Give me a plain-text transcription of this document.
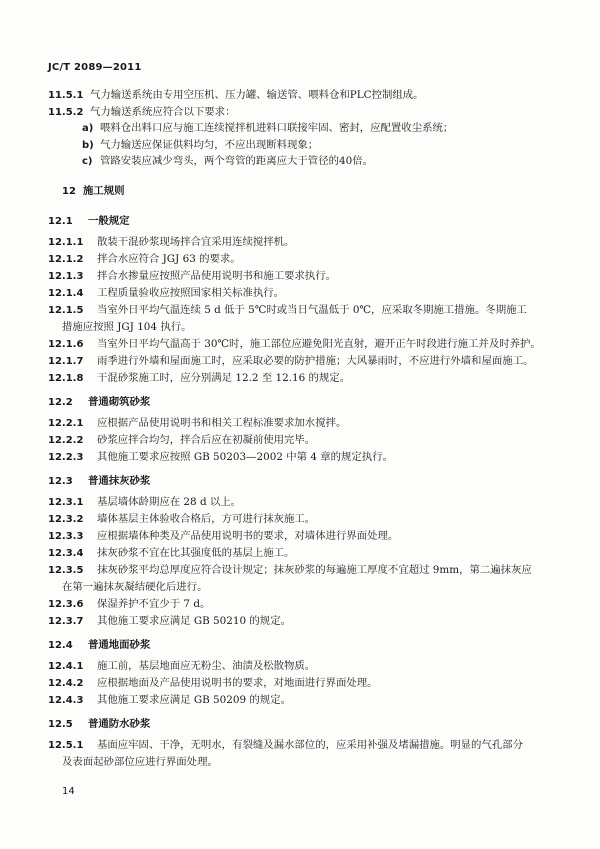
JC/T 2089—2011
11.5.1 气力输送系统由专用空压机、压力罐、输送管、喂料仓和PLC控制组成。
11.5.2 气力输送系统应符合以下要求：
a) 喂料仓出料口应与施工连续搅拌机进料口联接牢固、密封，应配置收尘系统；
b) 气力输送应保证供料均匀，不应出现断料现象；
c) 管路安装应减少弯头，两个弯管的距离应大于管径的40倍。
12 施工规则
12.1 一般规定
12.1.1 散装干混砂浆现场拌合宜采用连续搅拌机。
12.1.2 拌合水应符合 JGJ 63 的要求。
12.1.3 拌合水掺量应按照产品使用说明书和施工要求执行。
12.1.4 工程质量验收应按照国家相关标准执行。
12.1.5 当室外日平均气温连续 5 d 低于 5℃时或当日气温低于 0℃，应采取冬期施工措施。冬期施工
措施应按照 JGJ 104 执行。
12.1.6 当室外日平均气温高于 30℃时，施工部位应避免阳光直射，避开正午时段进行施工并及时养护。
12.1.7 雨季进行外墙和屋面施工时，应采取必要的防护措施；大风暴雨时，不应进行外墙和屋面施工。
12.1.8 干混砂浆施工时，应分别满足 12.2 至 12.16 的规定。
12.2 普通砌筑砂浆
12.2.1 应根据产品使用说明书和相关工程标准要求加水搅拌。
12.2.2 砂浆应拌合均匀，拌合后应在初凝前使用完毕。
12.2.3 其他施工要求应按照 GB 50203—2002 中第 4 章的规定执行。
12.3 普通抹灰砂浆
12.3.1 基层墙体龄期应在 28 d 以上。
12.3.2 墙体基层主体验收合格后，方可进行抹灰施工。
12.3.3 应根据墙体种类及产品使用说明书的要求，对墙体进行界面处理。
12.3.4 抹灰砂浆不宜在比其强度低的基层上施工。
12.3.5 抹灰砂浆平均总厚度应符合设计规定；抹灰砂浆的每遍施工厚度不宜超过 9mm，第二遍抹灰应
在第一遍抹灰凝结硬化后进行。
12.3.6 保湿养护不宜少于 7 d。
12.3.7 其他施工要求应满足 GB 50210 的规定。
12.4 普通地面砂浆
12.4.1 施工前，基层地面应无粉尘、油渍及松散物质。
12.4.2 应根据地面及产品使用说明书的要求，对地面进行界面处理。
12.4.3 其他施工要求应满足 GB 50209 的规定。
12.5 普通防水砂浆
12.5.1 基面应牢固、干净，无明水，有裂缝及漏水部位的，应采用补强及堵漏措施。明显的气孔部分
及表面起砂部位应进行界面处理。
14
